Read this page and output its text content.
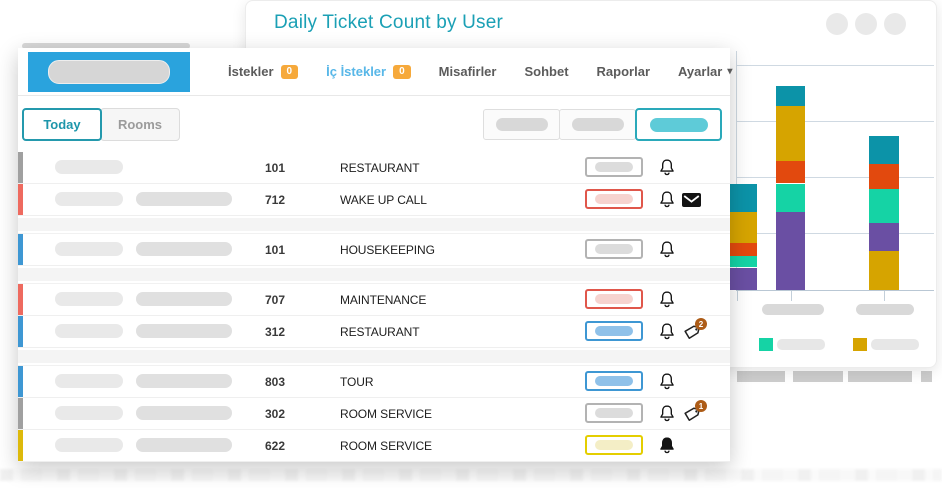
Daily Ticket Count by User
İstekler	0	İç İstekler	0	Misafirler Sohbet Raporlar Ayarlar ▾
Today	Rooms
101	RESTAURANT
712	WAKE UP CALL
101	HOUSEKEEPING
707	MAINTENANCE
312	RESTAURANT
2
803	TOUR
302	ROOM SERVICE
1
622	ROOM SERVICE
